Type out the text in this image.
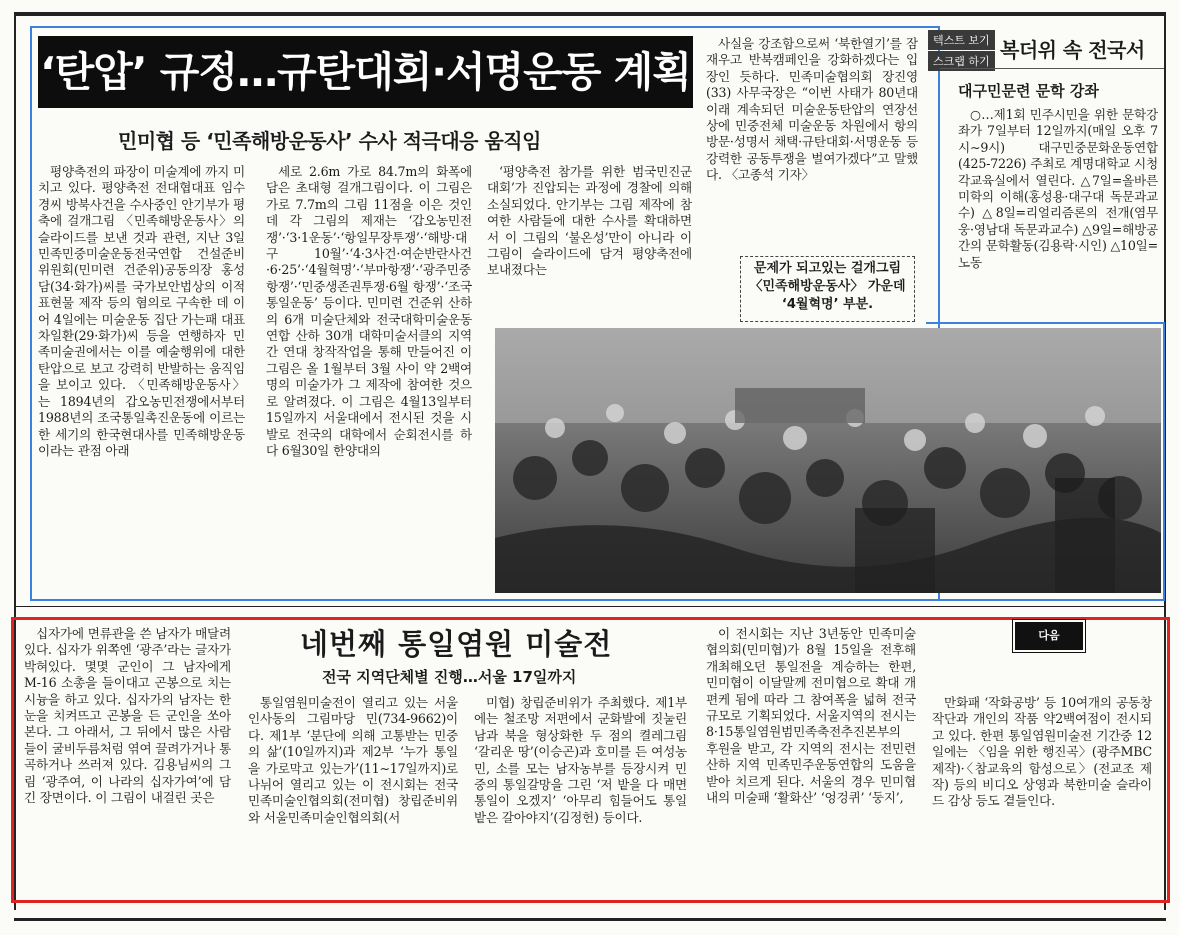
‘탄압’ 규정…규탄대회·서명운동 계획
민미협 등 ‘민족해방운동사’ 수사 적극대응 움직임

평양축전의 파장이 미술계에 까지 미치고 있다. 평양축전 전대협대표 임수경씨 방북사건을 수사중인 안기부가 평축에 걸개그림 〈민족해방운동사〉의 슬라이드를 보낸 것과 관련, 지난 3일 민족민중미술운동전국연합 건설준비위원회(민미련 건준위)공동의장 홍성담(34·화가)씨를 국가보안법상의 이적표현물 제작 등의 혐의로 구속한 데 이어 4일에는 미술운동 집단 가는패 대표 차일환(29·화가)씨 등을 연행하자 민족미술권에서는 이를 예술행위에 대한 탄압으로 보고 강력히 반발하는 움직임을 보이고 있다. 〈민족해방운동사〉는 1894년의 갑오농민전쟁에서부터 1988년의 조국통일촉진운동에 이르는 한 세기의 한국현대사를 민족해방운동이라는 관점 아래

세로 2.6m 가로 84.7m의 화폭에 담은 초대형 걸개그림이다. 이 그림은 가로 7.7m의 그림 11점을 이은 것인데 각 그림의 제재는 ‘갑오농민전쟁’·‘3·1운동’·‘항일무장투쟁’·‘해방·대구 10월’·‘4·3사건·여순반란사건·6·25’·‘4월혁명’·‘부마항쟁’·‘광주민중항쟁’·‘민중생존권투쟁·6월 항쟁’·‘조국통일운동’ 등이다. 민미련 건준위 산하의 6개 미술단체와 전국대학미술운동연합 산하 30개 대학미술서클의 지역간 연대 창작작업을 통해 만들어진 이 그림은 올 1월부터 3월 사이 약 2백여명의 미술가가 그 제작에 참여한 것으로 알려졌다. 이 그림은 4월13일부터 15일까지 서울대에서 전시된 것을 시발로 전국의 대학에서 순회전시를 하다 6월30일 한양대의

‘평양축전 참가를 위한 범국민진군대회’가 진압되는 과정에 경찰에 의해 소실되었다. 안기부는 그림 제작에 참여한 사람들에 대한 수사를 확대하면서 이 그림의 ‘불온성’만이 아니라 이 그림이 슬라이드에 담겨 평양축전에 보내졌다는

사실을 강조함으로써 ‘북한열기’를 잠재우고 반북캠페인을 강화하겠다는 입장인 듯하다. 민족미술협의회 장진영(33) 사무국장은 “이번 사태가 80년대 이래 계속되던 미술운동탄압의 연장선상에 민중전체 미술운동 차원에서 항의방문·성명서 채택·규탄대회·서명운동 등 강력한 공동투쟁을 벌여가겠다”고 말했다. 〈고종석 기자〉

문제가 되고있는 걸개그림 〈민족해방운동사〉 가운데 ‘4월혁명’ 부분.
텍스트 보기
스크랩 하기 복더위 속 전국서
대구민문련 문학 강좌

○…제1회 민주시민을 위한 문학강좌가 7일부터 12일까지(매일 오후 7시∼9시) 대구민중문화운동연합(425-7226) 주최로 계명대학교 시청각교육실에서 열린다. △7일=올바른 미학의 이해(홍성용·대구대 독문과교수) △8일=리얼리즘론의 전개(염무웅·영남대 독문과교수) △9일=해방공간의 문학활동(김용락·시인) △10일=노동

네번째 통일염원 미술전
전국 지역단체별 진행…서울 17일까지
다음

십자가에 면류관을 쓴 남자가 매달려 있다. 십자가 위쪽엔 ‘광주’라는 글자가 박혀있다. 몇몇 군인이 그 남자에게 M-16 소총을 들이대고 곤봉으로 치는 시늉을 하고 있다. 십자가의 남자는 한 눈을 치켜뜨고 곤봉을 든 군인을 쏘아본다. 그 아래서, 그 뒤에서 많은 사람들이 굴비두름처럼 엮여 끌려가거나 통곡하거나 쓰러져 있다. 김용님씨의 그림 ‘광주여, 이 나라의 십자가여’에 담긴 장면이다. 이 그림이 내걸린 곳은

통일염원미술전이 열리고 있는 서울 인사동의 그림마당 민(734-9662)이다. 제1부 ‘분단에 의해 고통받는 민중의 삶’(10일까지)과 제2부 ‘누가 통일을 가로막고 있는가’(11∼17일까지)로 나뉘어 열리고 있는 이 전시회는 전국민족미술인협의회(전미협) 창립준비위와 서울민족미술인협의회(서

미협) 창립준비위가 주최했다. 제1부에는 철조망 저편에서 군화발에 짓눌린 남과 북을 형상화한 두 점의 켤레그림 ‘갈리운 땅’(이승곤)과 호미를 든 여성농민, 소를 모는 남자농부를 등장시켜 민중의 통일갈망을 그린 ‘저 밭을 다 매면 통일이 오겠지’ ‘아무리 힘들어도 통일 밭은 갈아야지’(김정헌) 등이다.

이 전시회는 지난 3년동안 민족미술협의회(민미협)가 8월 15일을 전후해 개최해오던 통일전을 계승하는 한편, 민미협이 이달말께 전미협으로 확대 개편케 됨에 따라 그 참여폭을 넓혀 전국 규모로 기획되었다. 서울지역의 전시는 8·15통일염원범민족축전추진본부의 후원을 받고, 각 지역의 전시는 전민련 산하 지역 민족민주운동연합의 도움을 받아 치르게 된다. 서울의 경우 민미협 내의 미술패 ‘활화산’ ‘엉겅퀴’ ‘둥지’,

만화패 ‘작화공방’ 등 10여개의 공동창작단과 개인의 작품 약2백여점이 전시되고 있다. 한편 통일염원미술전 기간중 12일에는 〈임을 위한 행진곡〉(광주MBC 제작)·〈참교육의 함성으로〉(전교조 제작) 등의 비디오 상영과 북한미술 슬라이드 감상 등도 곁들인다.
